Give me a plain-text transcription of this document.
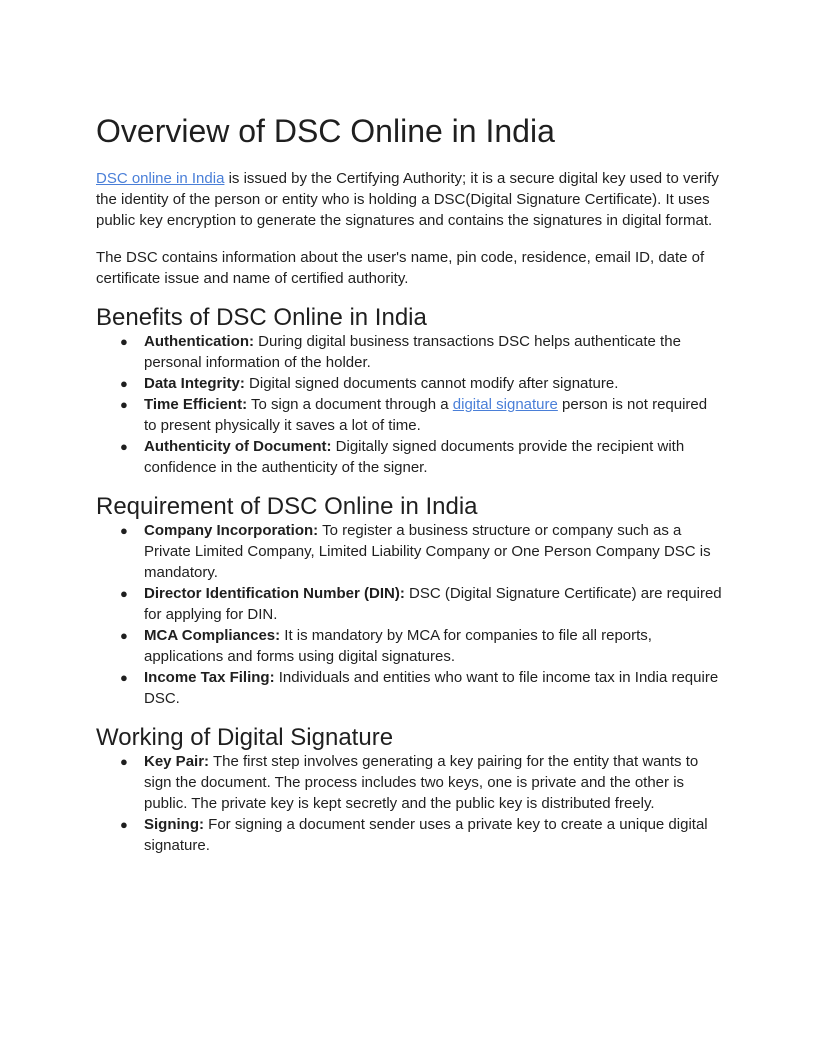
Overview of DSC Online in India

DSC online in India is issued by the Certifying Authority; it is a secure digital key used to verify the identity of the person or entity who is holding a DSC(Digital Signature Certificate). It uses public key encryption to generate the signatures and contains the signatures in digital format.

The DSC contains information about the user's name, pin code, residence, email ID, date of certificate issue and name of certified authority.

Benefits of DSC Online in India
● Authentication: During digital business transactions DSC helps authenticate the personal information of the holder.
● Data Integrity: Digital signed documents cannot modify after signature.
● Time Efficient: To sign a document through a digital signature person is not required to present physically it saves a lot of time.
● Authenticity of Document: Digitally signed documents provide the recipient with confidence in the authenticity of the signer.
Requirement of DSC Online in India
● Company Incorporation: To register a business structure or company such as a Private Limited Company, Limited Liability Company or One Person Company DSC is mandatory.
● Director Identification Number (DIN): DSC (Digital Signature Certificate) are required for applying for DIN.
● MCA Compliances: It is mandatory by MCA for companies to file all reports, applications and forms using digital signatures.
● Income Tax Filing: Individuals and entities who want to file income tax in India require DSC.
Working of Digital Signature
● Key Pair: The first step involves generating a key pairing for the entity that wants to sign the document. The process includes two keys, one is private and the other is public. The private key is kept secretly and the public key is distributed freely.
● Signing: For signing a document sender uses a private key to create a unique digital signature.
